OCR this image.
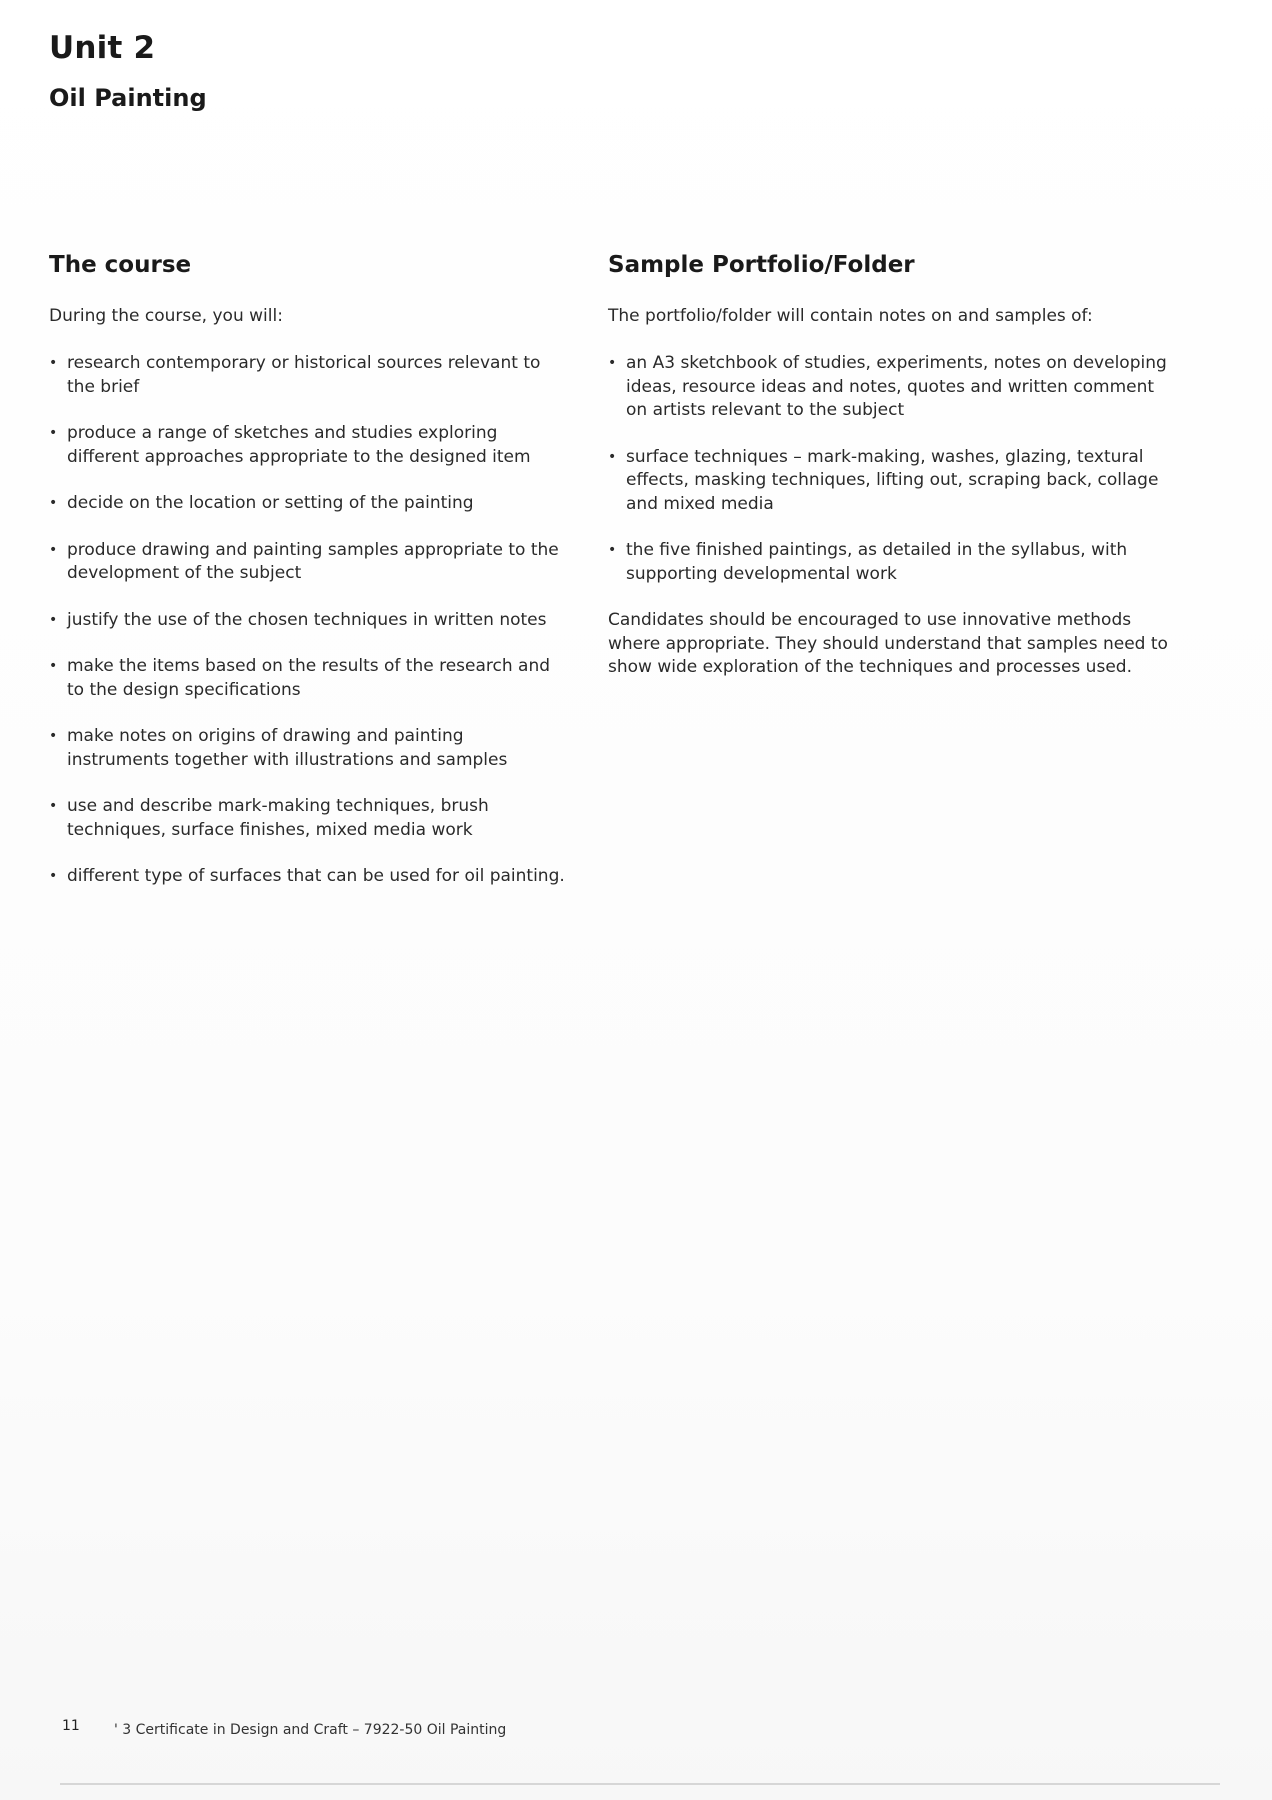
Unit 2
Oil Painting
The course

During the course, you will:

• research contemporary or historical sources relevant to the brief
• produce a range of sketches and studies exploring different approaches appropriate to the designed item
• decide on the location or setting of the painting
• produce drawing and painting samples appropriate to the development of the subject
• justify the use of the chosen techniques in written notes
• make the items based on the results of the research and to the design specifications
• make notes on origins of drawing and painting instruments together with illustrations and samples
• use and describe mark-making techniques, brush techniques, surface finishes, mixed media work
• different type of surfaces that can be used for oil painting.
Sample Portfolio/Folder

The portfolio/folder will contain notes on and samples of:

• an A3 sketchbook of studies, experiments, notes on developing ideas, resource ideas and notes, quotes and written comment on artists relevant to the subject
• surface techniques – mark-making, washes, glazing, textural effects, masking techniques, lifting out, scraping back, collage and mixed media
• the five finished paintings, as detailed in the syllabus, with supporting developmental work

Candidates should be encouraged to use innovative methods where appropriate. They should understand that samples need to show wide exploration of the techniques and processes used.

11 ' 3 Certificate in Design and Craft – 7922-50 Oil Painting
